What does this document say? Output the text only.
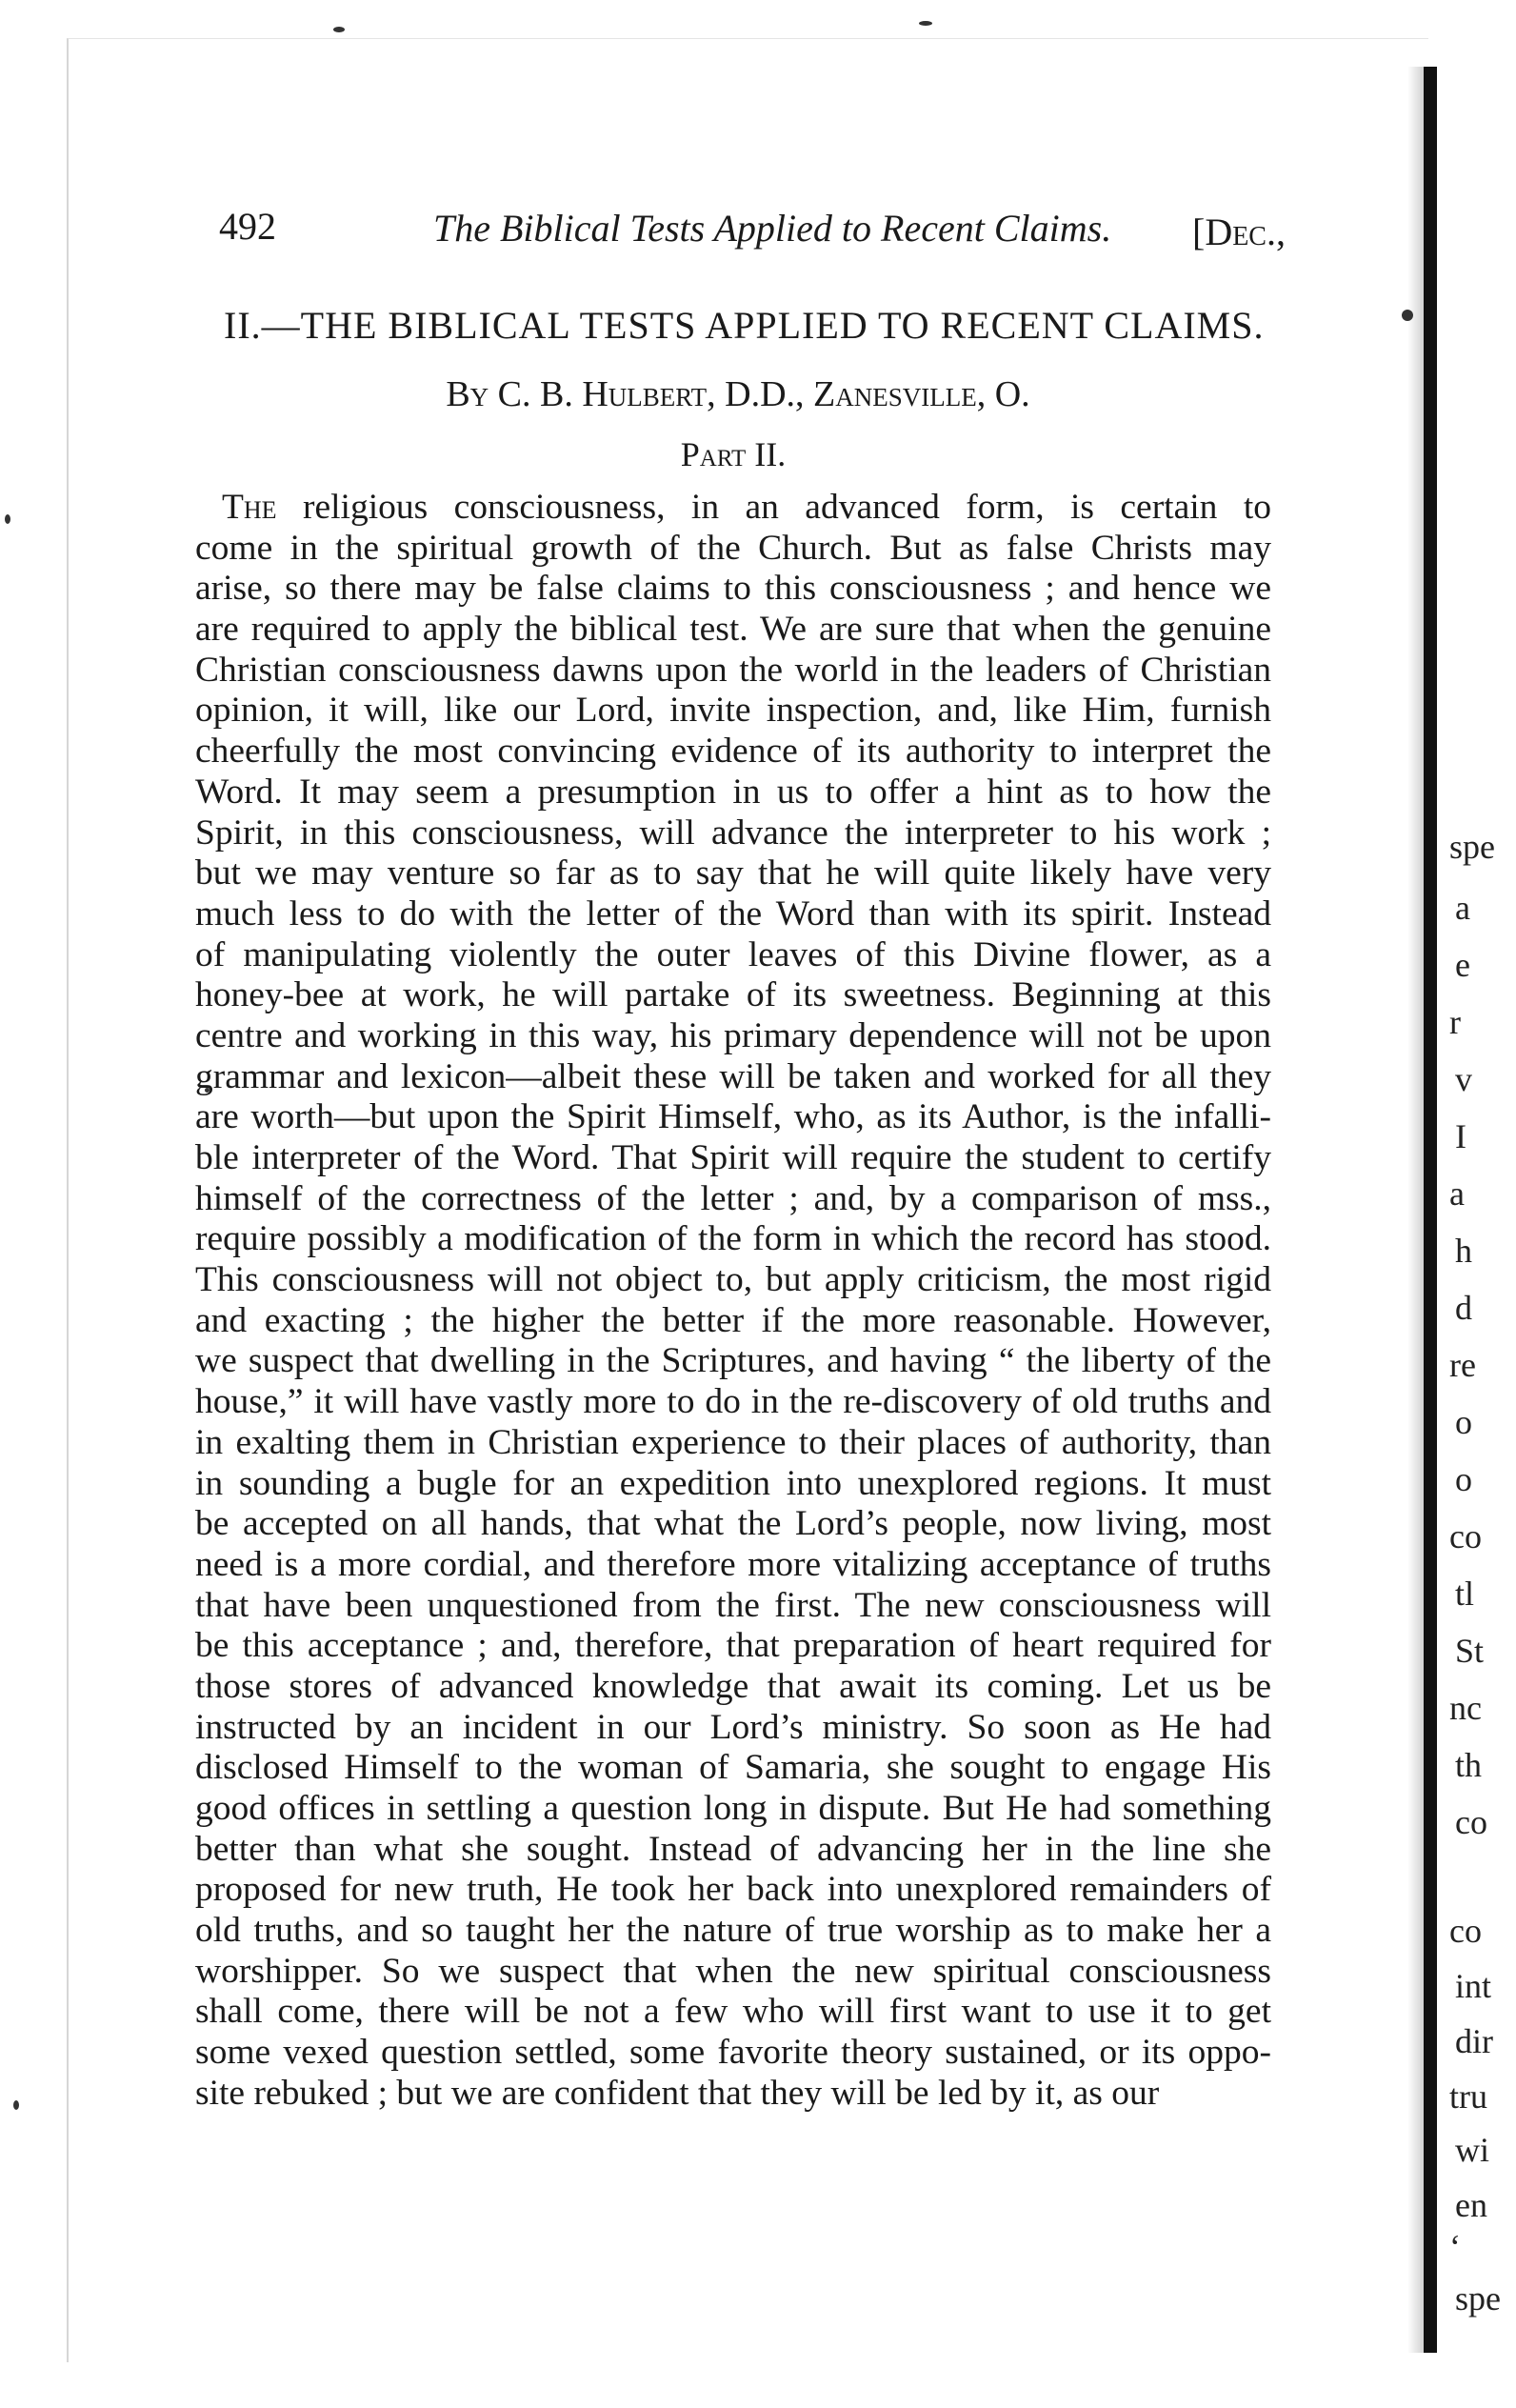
492	The Biblical Tests Applied to Recent Claims. [Dec.,
II.—THE BIBLICAL TESTS APPLIED TO RECENT CLAIMS.
By C. B. Hulbert, D.D., Zanesville, O.
Part II.
The religious consciousness, in an advanced form, is certain to
come in the spiritual growth of the Church. But as false Christs may
arise, so there may be false claims to this consciousness ; and hence we
are required to apply the biblical test. We are sure that when the genuine
Christian consciousness dawns upon the world in the leaders of Christian
opinion, it will, like our Lord, invite inspection, and, like Him, furnish
cheerfully the most convincing evidence of its authority to interpret the
Word. It may seem a presumption in us to offer a hint as to how the
Spirit, in this consciousness, will advance the interpreter to his work ;
but we may venture so far as to say that he will quite likely have very
much less to do with the letter of the Word than with its spirit. Instead
of manipulating violently the outer leaves of this Divine flower, as a
honey-bee at work, he will partake of its sweetness. Beginning at this
centre and working in this way, his primary dependence will not be upon
grammar and lexicon—albeit these will be taken and worked for all they
are worth—but upon the Spirit Himself, who, as its Author, is the infalli-
ble interpreter of the Word. That Spirit will require the student to certify
himself of the correctness of the letter ; and, by a comparison of mss.,
require possibly a modification of the form in which the record has stood.
This consciousness will not object to, but apply criticism, the most rigid
and exacting ; the higher the better if the more reasonable. However,
we suspect that dwelling in the Scriptures, and having “ the liberty of the
house,” it will have vastly more to do in the re-discovery of old truths and
in exalting them in Christian experience to their places of authority, than
in sounding a bugle for an expedition into unexplored regions. It must
be accepted on all hands, that what the Lord’s people, now living, most
need is a more cordial, and therefore more vitalizing acceptance of truths
that have been unquestioned from the first. The new consciousness will
be this acceptance ; and, therefore, that preparation of heart required for
those stores of advanced knowledge that await its coming. Let us be
instructed by an incident in our Lord’s ministry. So soon as He had
disclosed Himself to the woman of Samaria, she sought to engage His
good offices in settling a question long in dispute. But He had something
better than what she sought. Instead of advancing her in the line she
proposed for new truth, He took her back into unexplored remainders of
old truths, and so taught her the nature of true worship as to make her a
worshipper. So we suspect that when the new spiritual consciousness
shall come, there will be not a few who will first want to use it to get
some vexed question settled, some favorite theory sustained, or its oppo-
site rebuked ; but we are confident that they will be led by it, as our
spe
a
e
r
v
I
a
h
d
re
o
o
co
tl
St
nc
th
co
co
int
dir
tru
wi
en
‘
spe
